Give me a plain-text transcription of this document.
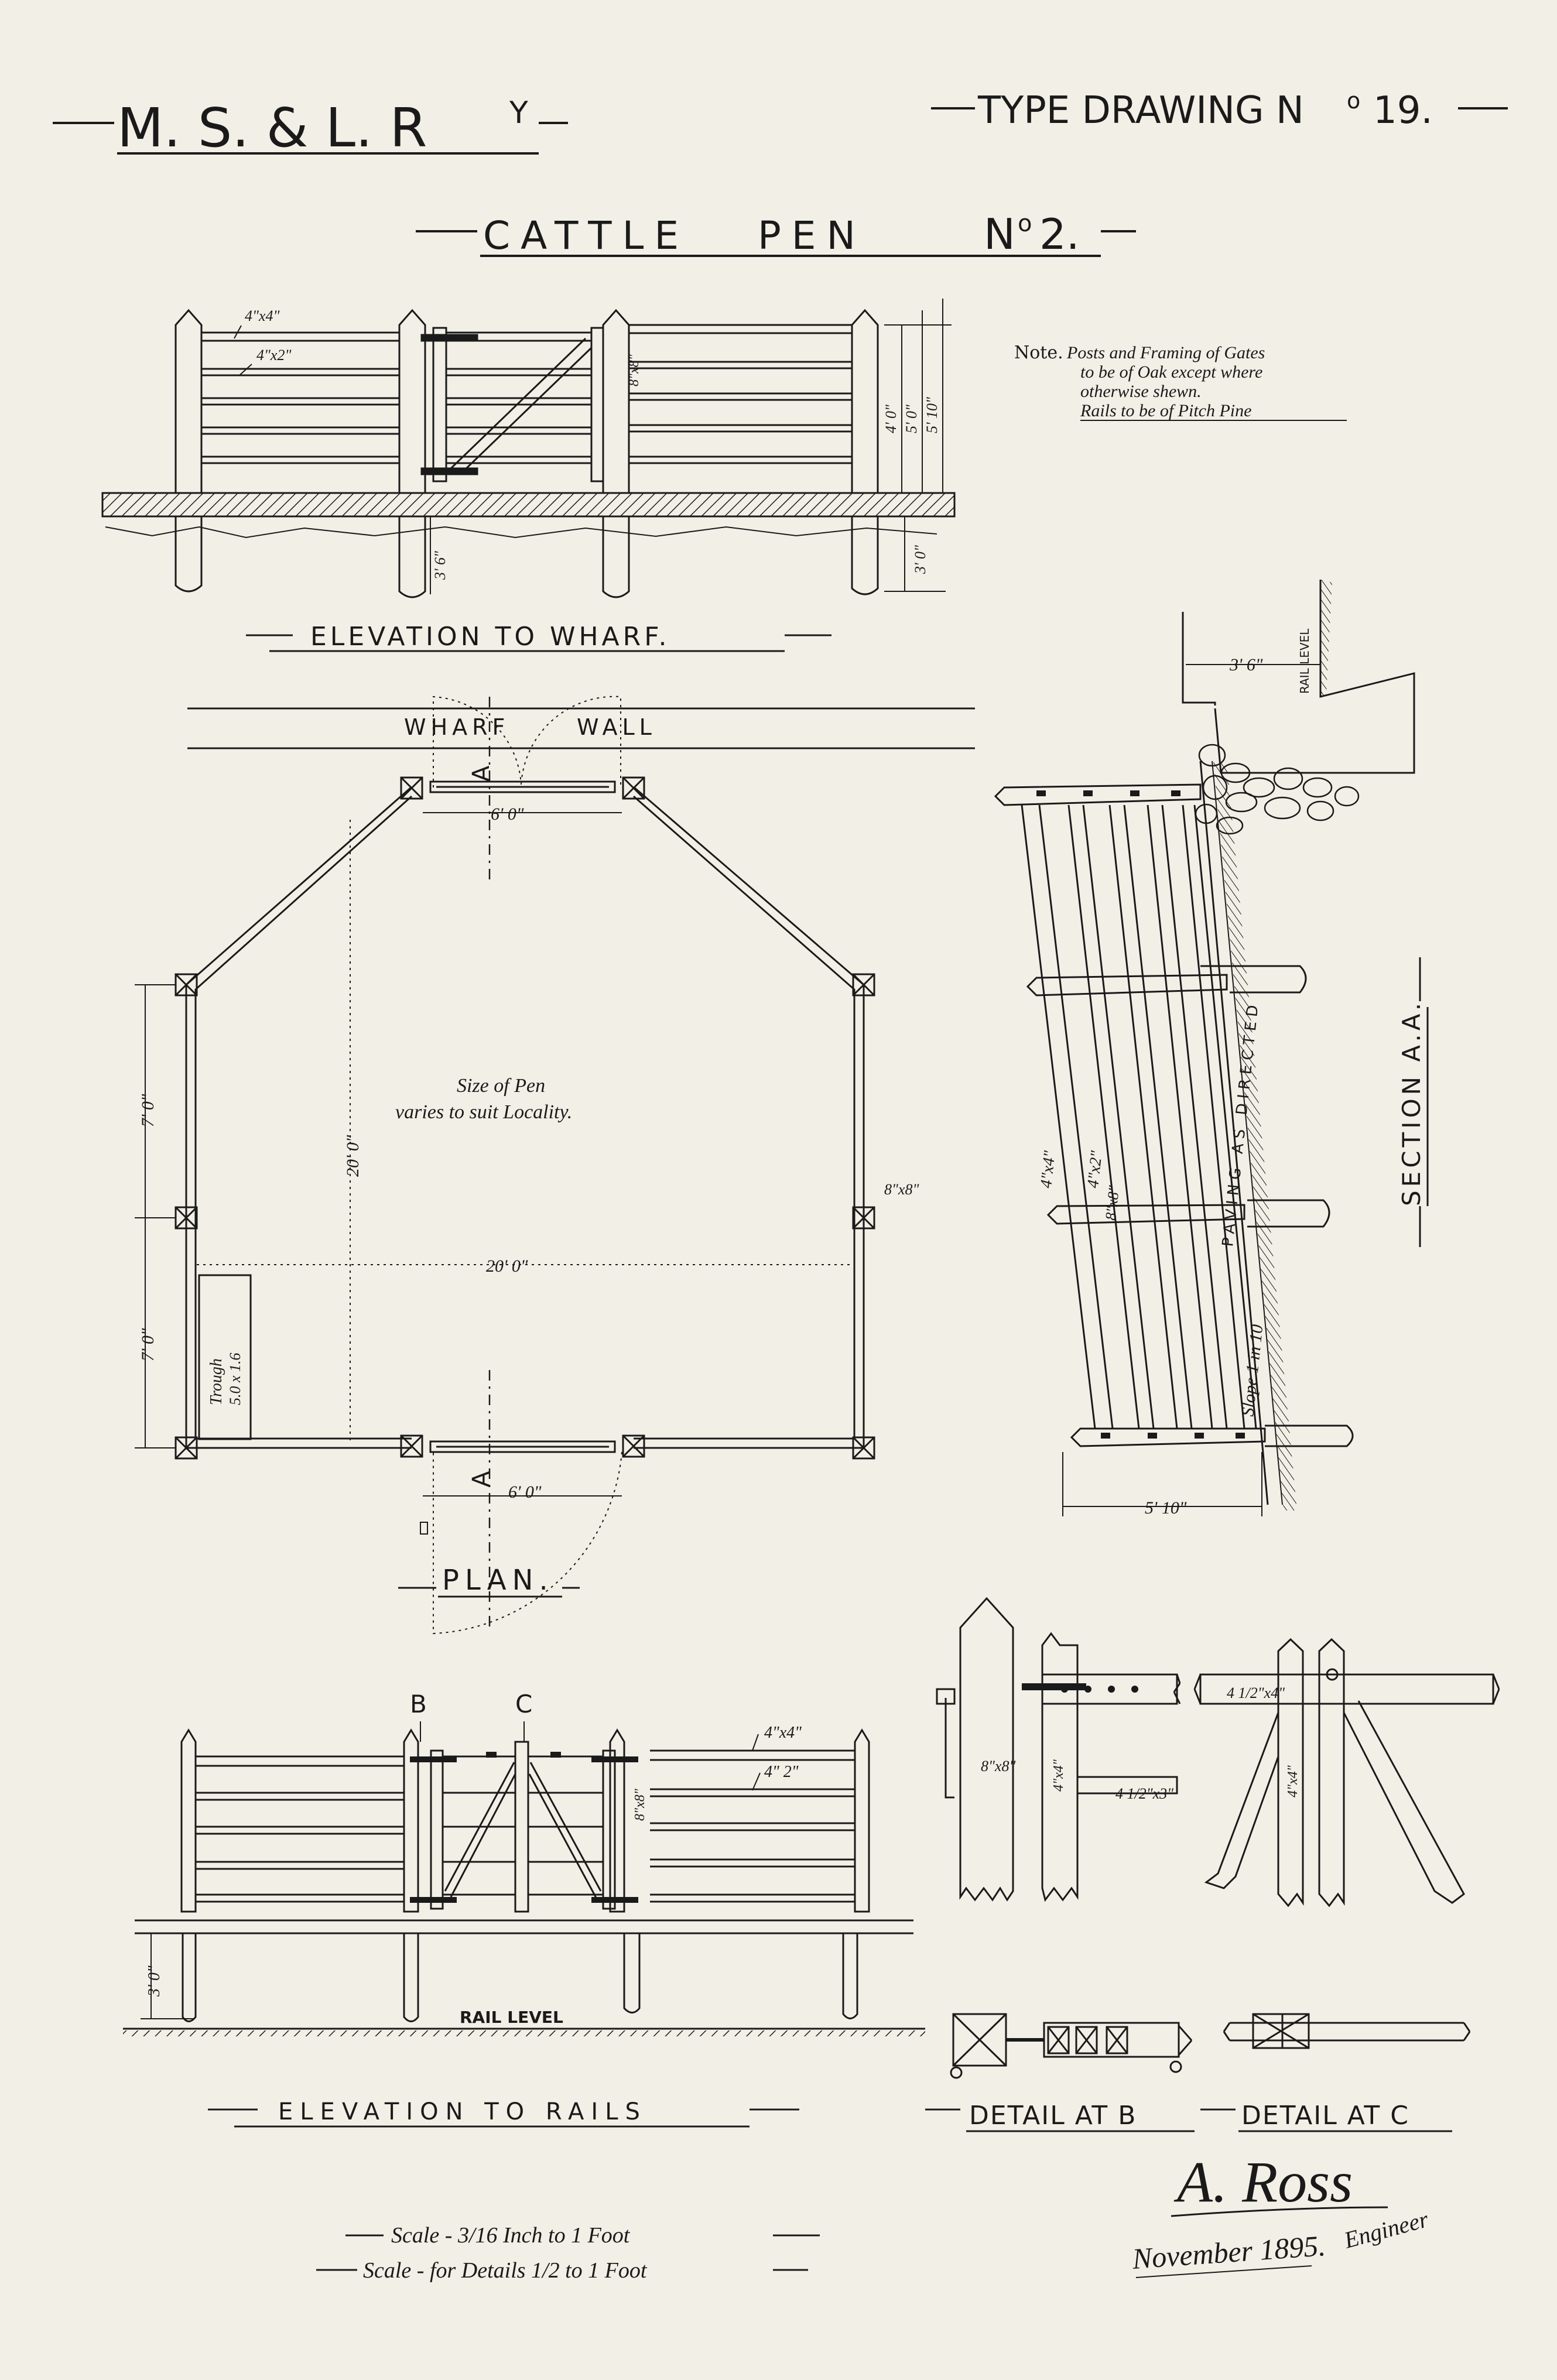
M. S. & L. R	Y	TYPE DRAWING N o 19.
CATTLE   PEN	N o 2.
Note. Posts and Framing of Gates
to be of Oak except where
otherwise shewn.
Rails to be of Pitch Pine
4"x4"
4"x2"	8"x8"
4' 0" 5' 0" 5' 10"
3' 6"	3' 0"
ELEVATION TO WHARF.
WHARF	WALL
A
6' 0"
20' 0"
20' 0"
7' 0"
7' 0"
8"x8"
Size of Pen
varies to suit Locality.
Trough 5.0 x 1.6
A
6' 0"
PLAN.
3' 6"	RAIL LEVEL
PAVING AS DIRECTED
Slope 1 in 10
4"x4" 4"x2"
8"x8"
5' 10"
SECTION A.A.
RAIL LEVEL
B	C
4"x4"
4" 2"
8"x8"
3' 0"
ELEVATION TO RAILS
8"x8"	4"x4"
4 1/2"x3"
DETAIL AT B
4 1/2"x4"
4"x4"
DETAIL AT C
Scale - 3/16 Inch to 1 Foot
Scale - for Details 1/2 to 1 Foot
A. Ross
Engineer
November 1895.
